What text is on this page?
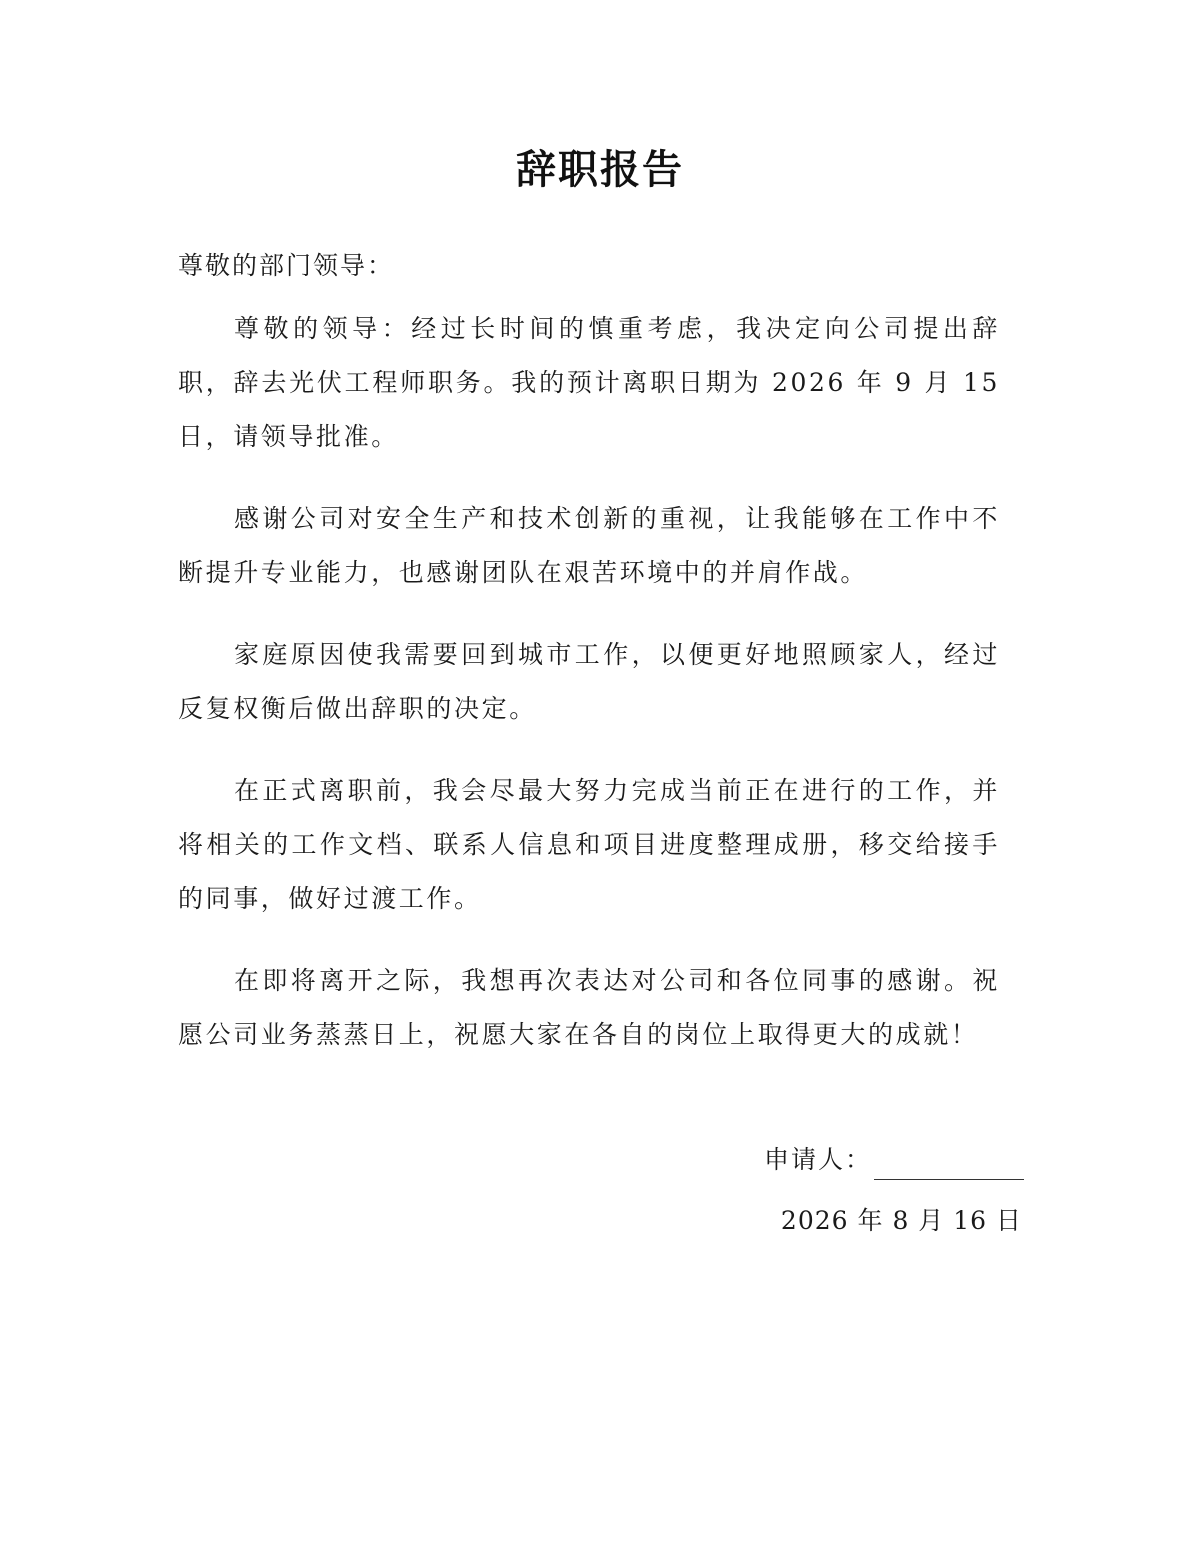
辞职报告
尊敬的部门领导：

尊敬的领导：经过长时间的慎重考虑，我决定向公司提出辞职，辞去光伏工程师职务。我的预计离职日期为 2026 年 9 月 15 日，请领导批准。

感谢公司对安全生产和技术创新的重视，让我能够在工作中不断提升专业能力，也感谢团队在艰苦环境中的并肩作战。

家庭原因使我需要回到城市工作，以便更好地照顾家人，经过反复权衡后做出辞职的决定。

在正式离职前，我会尽最大努力完成当前正在进行的工作，并将相关的工作文档、联系人信息和项目进度整理成册，移交给接手的同事，做好过渡工作。

在即将离开之际，我想再次表达对公司和各位同事的感谢。祝愿公司业务蒸蒸日上，祝愿大家在各自的岗位上取得更大的成就！

申请人：
2026 年 8 月 16 日
